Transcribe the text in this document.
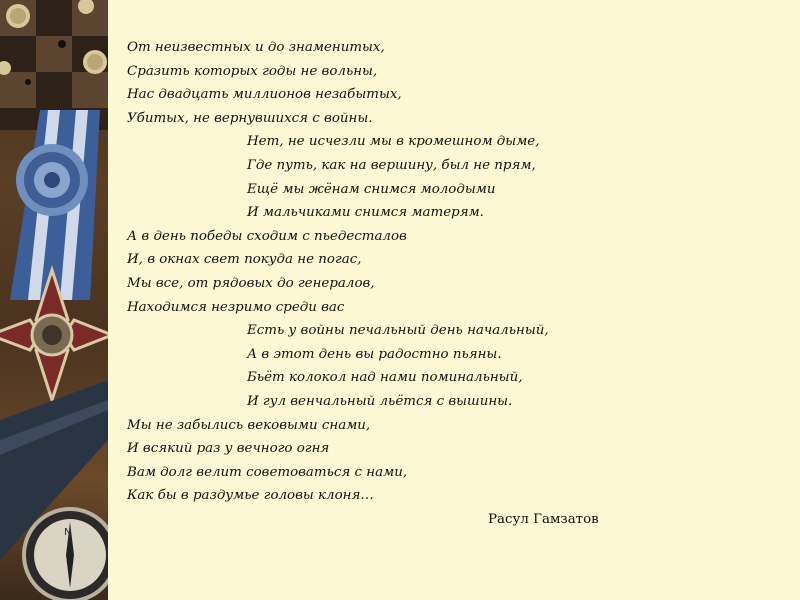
N
От неизвестных и до знаменитых,
Сразить которых годы не вольны,
Нас двадцать миллионов незабытых,
Убитых, не вернувшихся с войны.
Нет, не исчезли мы в кромешном дыме,
Где путь, как на вершину, был не прям,
Ещё мы жёнам снимся молодыми
И мальчиками снимся матерям.
А в день победы сходим с пьедесталов
И, в окнах свет покуда не погас,
Мы все, от рядовых до генералов,
Находимся незримо среди вас
Есть у войны печальный день начальный,
А в этот день вы радостно пьяны.
Бьёт колокол над нами поминальный,
И гул венчальный льётся с вышины.
Мы не забылись вековыми снами,
И всякий раз у вечного огня
Вам долг велит советоваться с нами,
Как бы в раздумье головы клоня…
Расул Гамзатов
